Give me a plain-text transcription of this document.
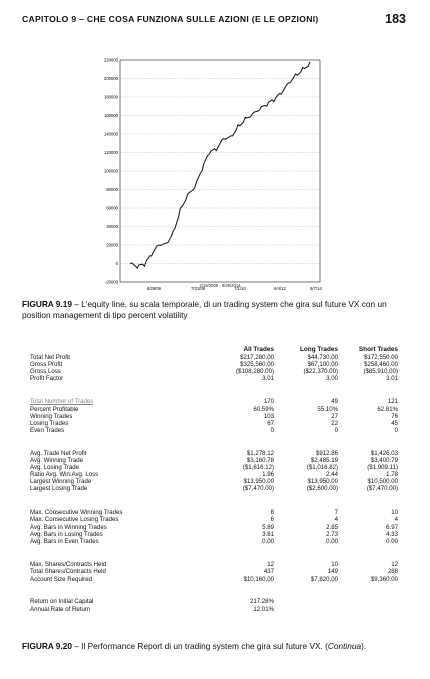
CAPITOLO 9 – CHE COSA FUNZIONA SULLE AZIONI (E LE OPZIONI)	183
220000
200000
180000
160000
140000
120000
100000
80000
60000
40000
20000
0
-20000
8/29/06	7/31/08	7/1/10	6/4/12	5/7/14
2/16/2005 - 9/29/2014
FIGURA 9.19 – L'equity line, su scala temporale, di un trading system che gira sul future VX con un position management di tipo percent volatility
All Trades	Long Trades	Short Trades
Total Net Profit	$217,280.00	$44,730.00	$172,550.00
Gross Profit	$325,560.00	$67,100.00	$258,460.00
Gross Loss	($108,280.00)	($22,370.00)	($85,910.00)
Profit Factor	3.01	3.00	3.01
Total Number of Trades	170	49	121
Percent Profitable	60.59%	55.10%	62.81%
Winning Trades	103	27	76
Losing Trades	67	22	45
Even Trades	0	0	0
Avg. Trade Net Profit	$1,278.12	$912.86	$1,426.03
Avg. Winning Trade	$3,160.78	$2,485.19	$3,400.79
Avg. Losing Trade	($1,616.12)	($1,016.82)	($1,909.11)
Ratio Avg. Win:Avg. Loss	1.96	2.44	1.78
Largest Winning Trade	$13,950.00	$13,950.00	$10,500.00
Largest Losing Trade	($7,470.00)	($2,600.00)	($7,470.00)
Max. Consecutive Winning Trades	8	7	10
Max. Consecutive Losing Trades	6	4	4
Avg. Bars in Winning Trades	5.89	2.85	6.97
Avg. Bars in Losing Trades	3.81	2.73	4.33
Avg. Bars in Even Trades	0.00	0.00	0.00
Max. Shares/Contracts Held	12	10	12
Total Shares/Contracts Held	437	149	288
Account Size Required	$10,160.00	$7,820.00	$9,360.00
Return on Initial Capital	217.28%
Annual Rate of Return	12.01%
FIGURA 9.20 – Il Performance Report di un trading system che gira sul future VX. (Continua).
